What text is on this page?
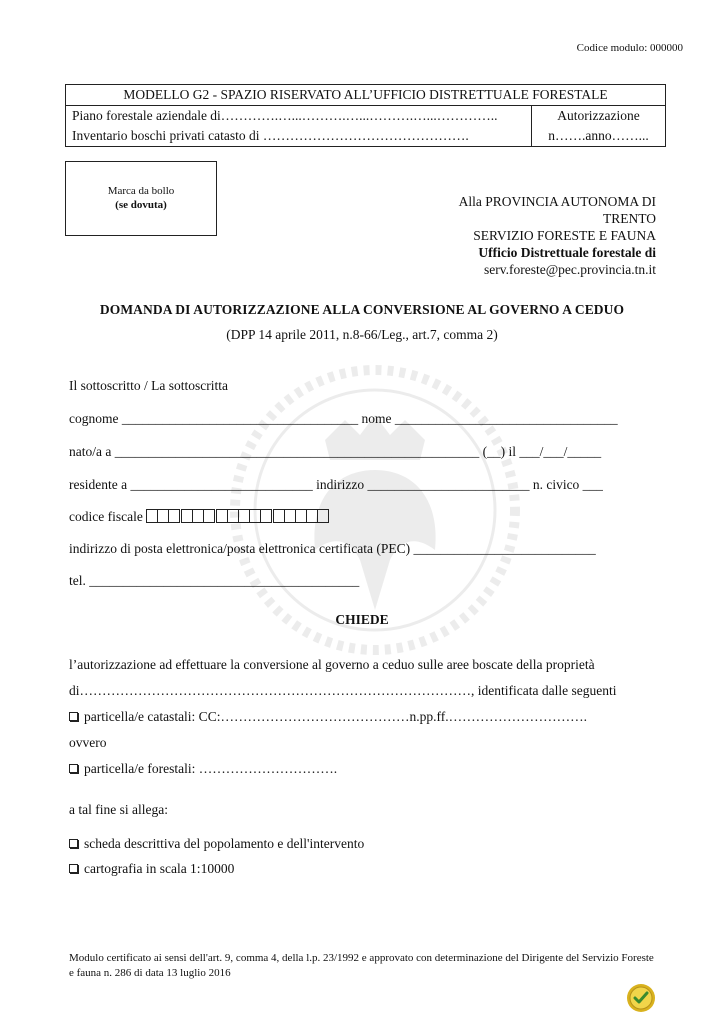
Codice modulo: 000000
MODELLO G2 - SPAZIO RISERVATO ALL’UFFICIO DISTRETTUALE FORESTALE	
Piano forestale aziendale di………….…...……….…...……….…...…………..	Autorizzazione
Inventario boschi privati catasto di ……………………………………….	n…….anno……...
Marca da bollo
(se dovuta)	Alla PROVINCIA AUTONOMA DI
TRENTO
SERVIZIO FORESTE E FAUNA
Ufficio Distrettuale forestale di
serv.foreste@pec.provincia.tn.it
DOMANDA DI AUTORIZZAZIONE ALLA CONVERSIONE AL GOVERNO A CEDUO
(DPP 14 aprile 2011, n.8-66/Leg., art.7, comma 2)
Il sottoscritto / La sottoscritta
cognome ___________________________________ nome _________________________________
nato/a a ______________________________________________________ (__) il ___/___/_____
residente a ___________________________ indirizzo ________________________ n. civico ___
codice fiscale
indirizzo di posta elettronica/posta elettronica certificata (PEC) ___________________________
tel. ________________________________________
CHIEDE
l’autorizzazione ad effettuare la conversione al governo a ceduo sulle aree boscate della proprietà
di……………………………………………………………………………, identificata dalle seguenti
particella/e catastali: CC:……………………………………n.pp.ff.………………………….
ovvero
particella/e forestali: ………………………….
a tal fine si allega:
scheda descrittiva del popolamento e dell'intervento
cartografia in scala 1:10000
Modulo certificato ai sensi dell'art. 9, comma 4, della l.p. 23/1992 e approvato con determinazione del Dirigente del Servizio Foreste e fauna n. 286 di data 13 luglio 2016
